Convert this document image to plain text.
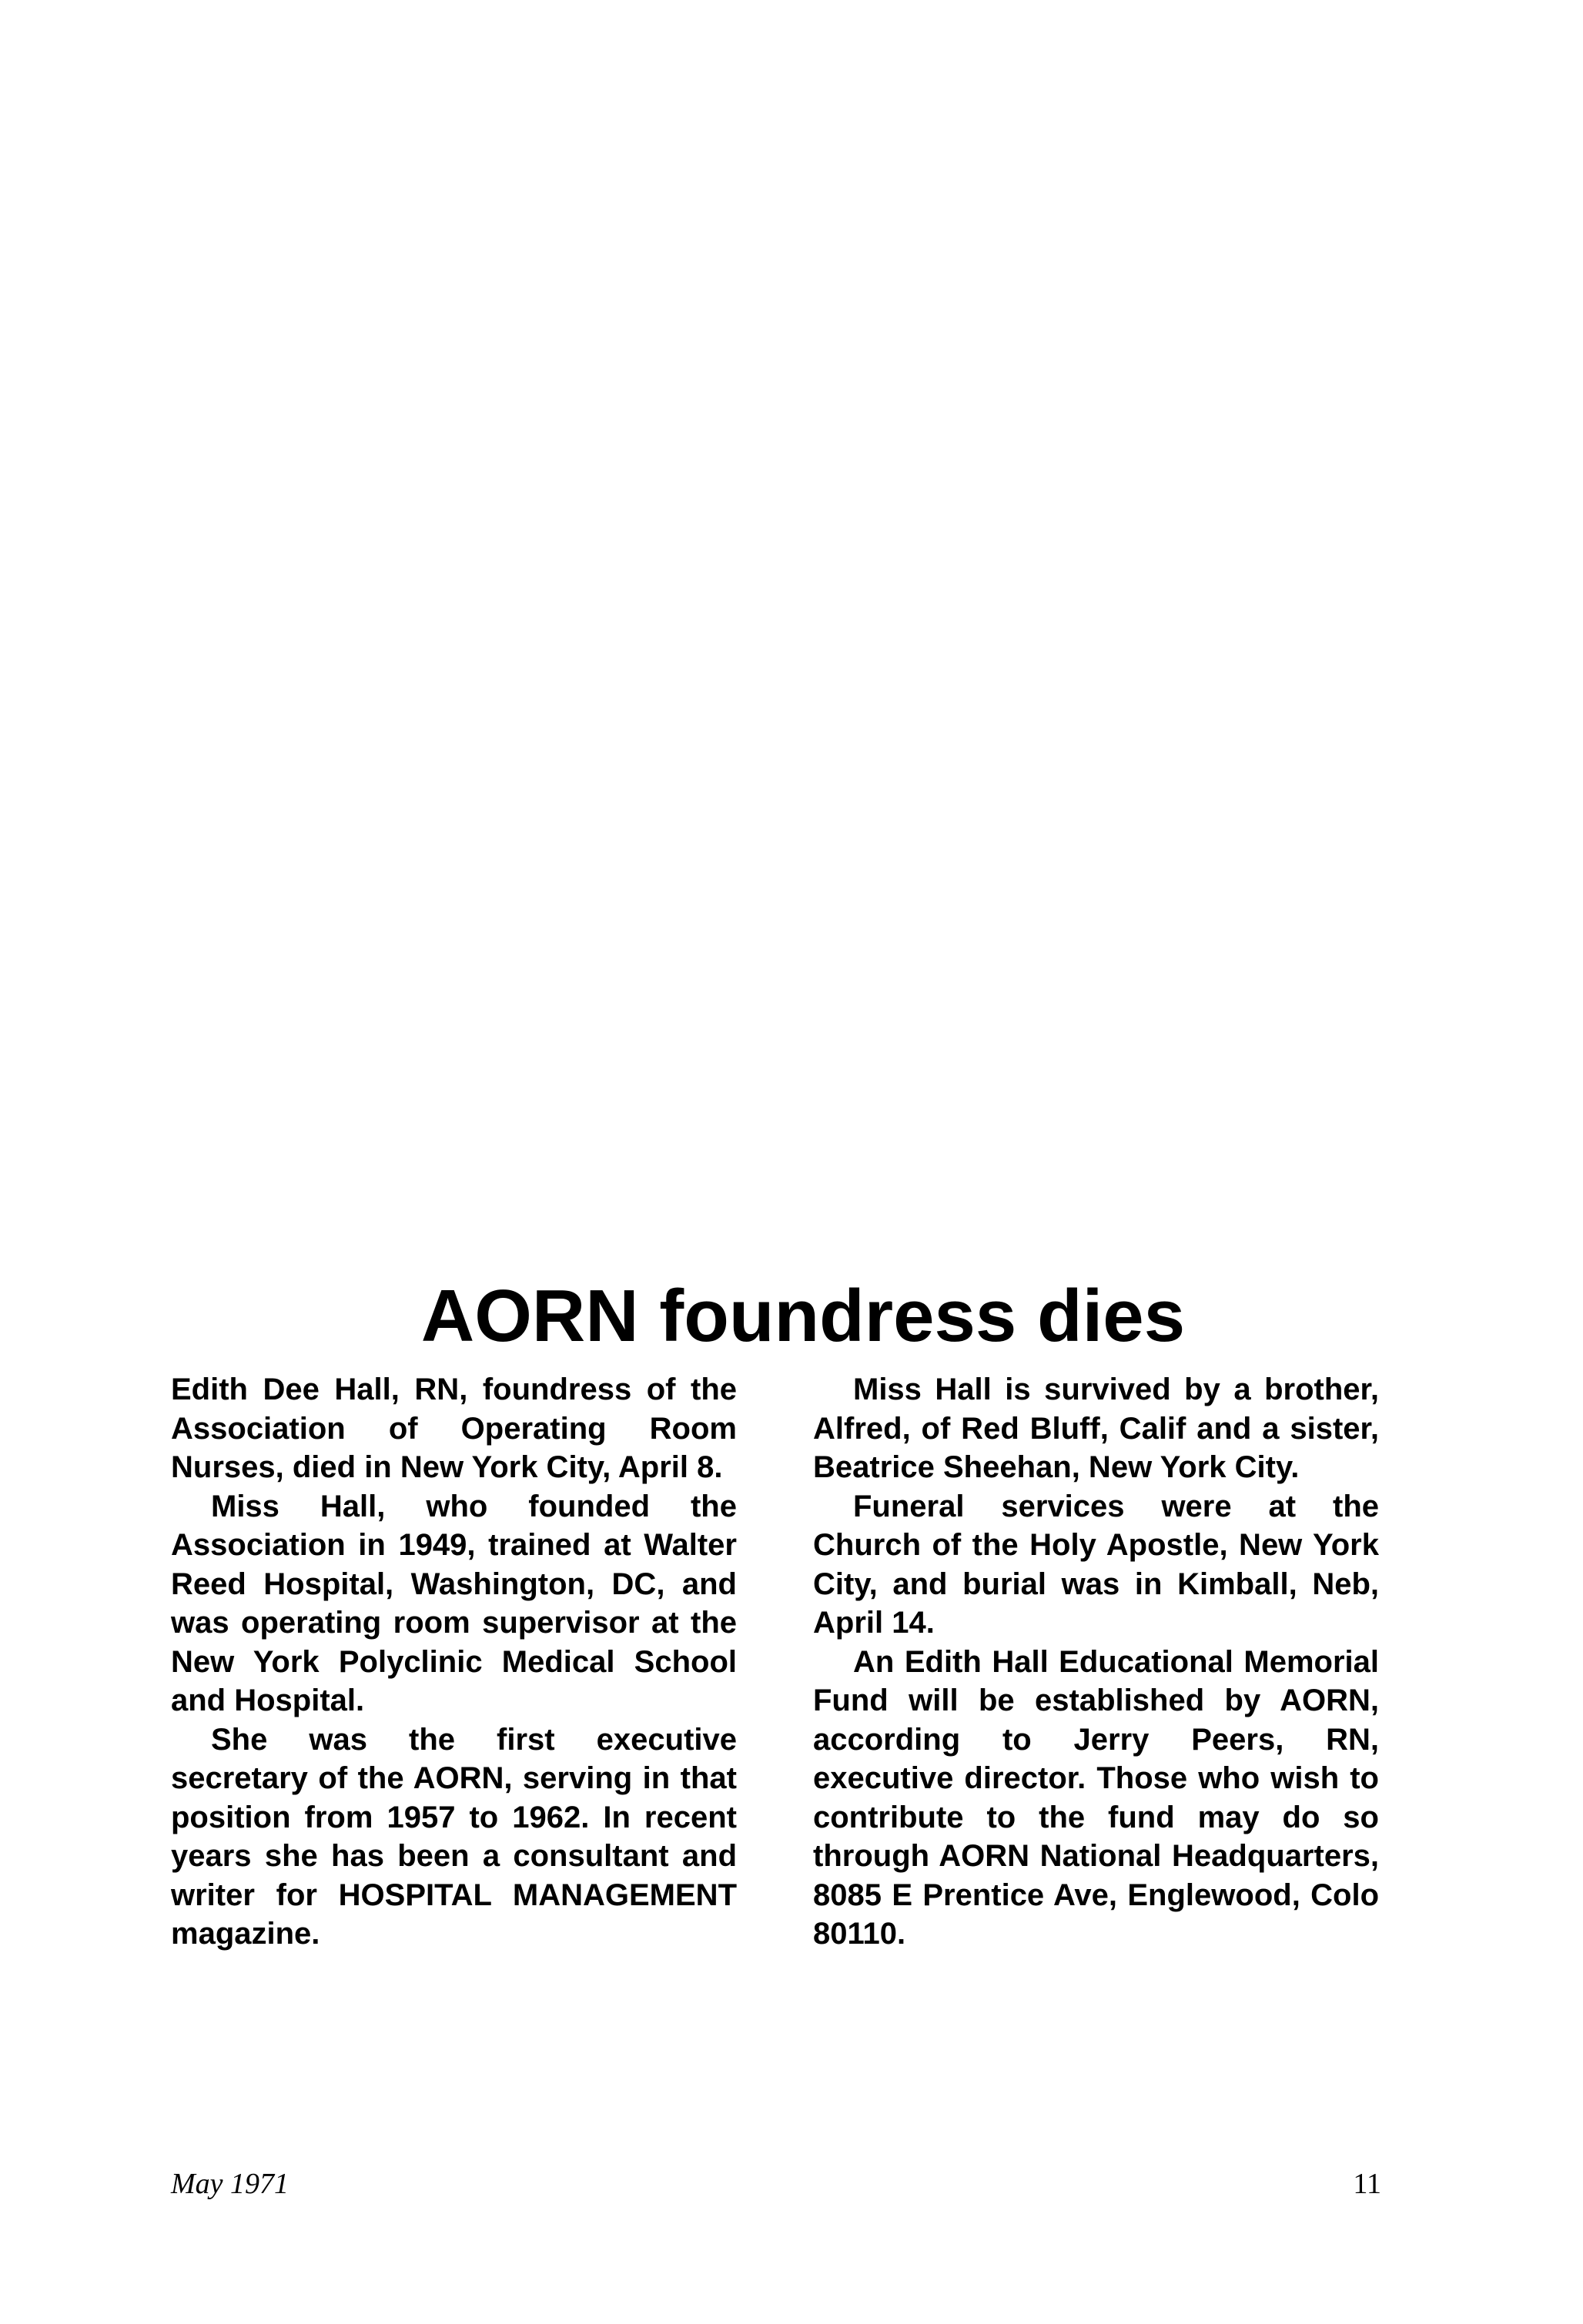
AORN foundress dies

Edith Dee Hall, RN, foundress of the Association of Operating Room Nurses, died in New York City, April 8.

Miss Hall, who founded the Association in 1949, trained at Walter Reed Hospital, Washington, DC, and was operating room supervisor at the New York Polyclinic Medical School and Hospital.

She was the first executive secretary of the AORN, serving in that position from 1957 to 1962. In recent years she has been a consultant and writer for HOSPITAL MANAGEMENT magazine.

Miss Hall is survived by a brother, Alfred, of Red Bluff, Calif and a sister, Beatrice Sheehan, New York City.

Funeral services were at the Church of the Holy Apostle, New York City, and burial was in Kimball, Neb, April 14.

An Edith Hall Educational Memorial Fund will be established by AORN, according to Jerry Peers, RN, executive director. Those who wish to contribute to the fund may do so through AORN National Headquarters, 8085 E Prentice Ave, Englewood, Colo 80110.

May 1971	11
